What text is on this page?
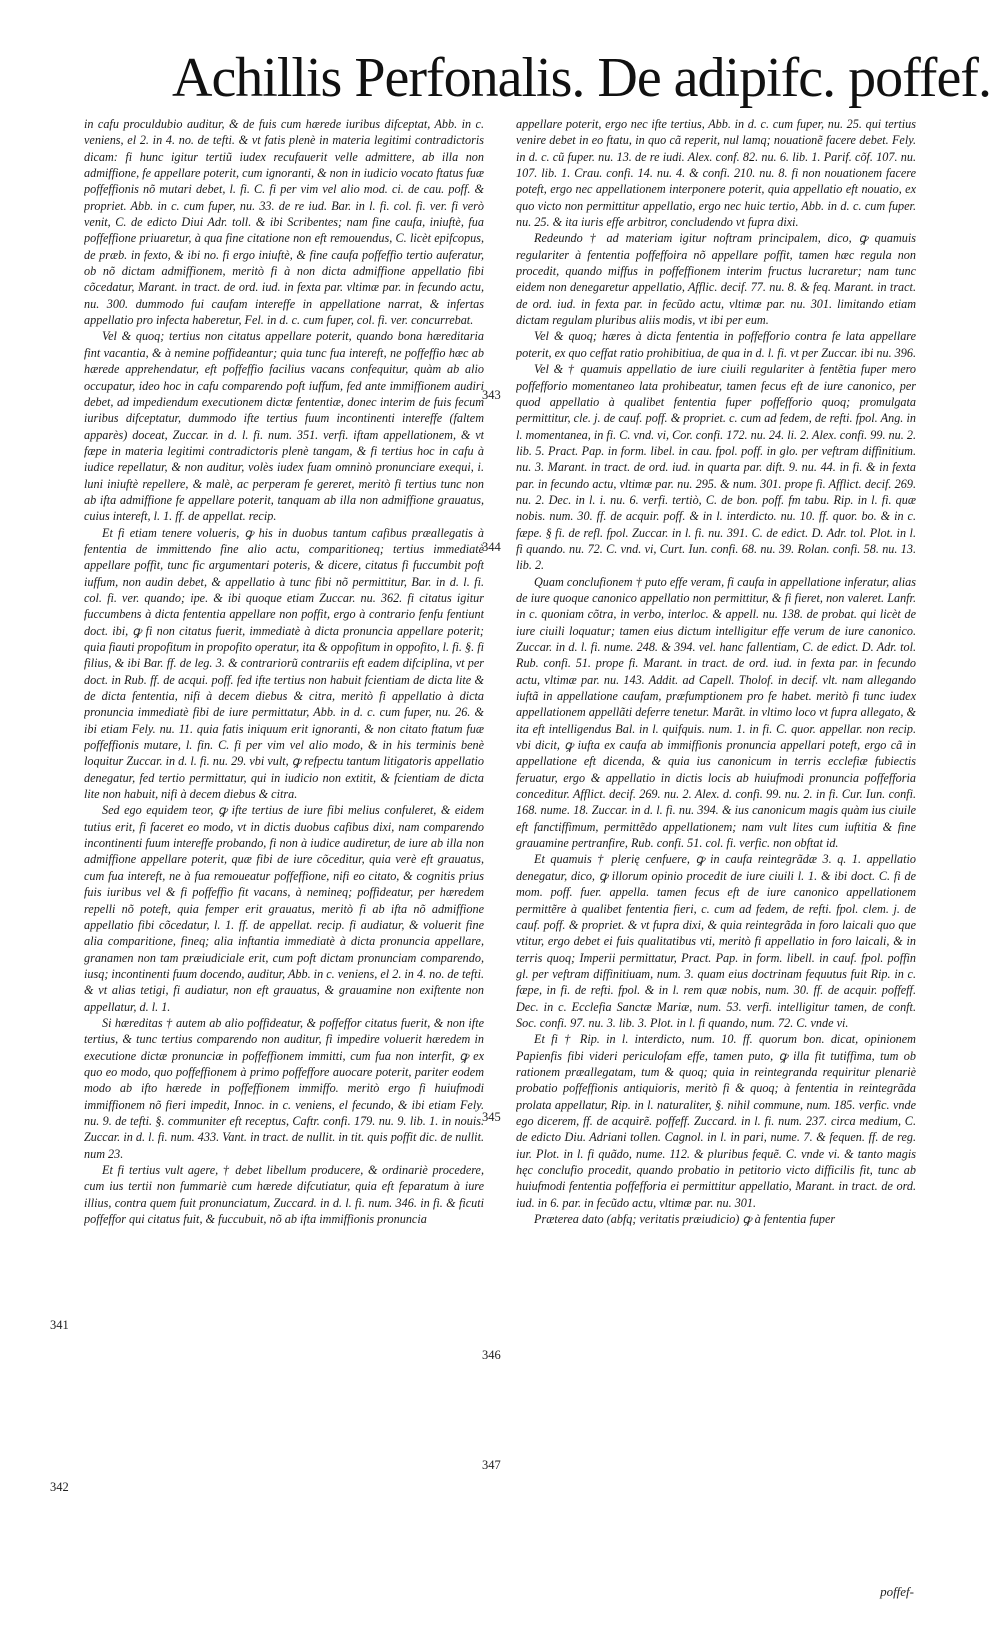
Achillis Perfonalis. De adipifc. poffef.

in cafu proculdubio auditur, & de fuis cum hærede iuribus difceptat, Abb. in c. veniens, el 2. in 4. no. de tefti. & vt fatis plenè in materia legitimi contradictoris dicam: fi hunc igitur tertiũ iudex recufauerit velle admittere, ab illa non admiffione, fe appellare poterit, cum ignoranti, & non in iudicio vocato ftatus fuæ poffeffionis nõ mutari debet, l. fi. C. fi per vim vel alio mod. ci. de cau. poff. & propriet. Abb. in c. cum fuper, nu. 33. de re iud. Bar. in l. fi. col. fi. ver. fi verò venit, C. de edicto Diui Adr. toll. & ibi Scribentes; nam fine caufa, iniuftè, fua poffeffione priuaretur, à qua fine citatione non eft remouendus, C. licèt epifcopus, de præb. in fexto, & ibi no. fi ergo iniuftè, & fine caufa poffeffio tertio auferatur, ob nõ dictam admiffionem, meritò fi à non dicta admiffione appellatio fibi cõcedatur, Marant. in tract. de ord. iud. in fexta par. vltimæ par. in fecundo actu, nu. 300. dummodo fui caufam intereffe in appellatione narrat, & infertas appellatio pro infecta haberetur, Fel. in d. c. cum fuper, col. fi. ver. concurrebat.

Vel & quoq; tertius non citatus appellare poterit, quando bona hæreditaria fint vacantia, & à nemine poffideantur; quia tunc fua intereft, ne poffeffio hæc ab hærede apprehendatur, eft poffeffio facilius vacans confequitur, quàm ab alio occupatur, ideo hoc in cafu comparendo poft iuffum, fed ante immiffionem audiri debet, ad impediendum executionem dictæ fententiæ, donec interim de fuis fecum iuribus difceptatur, dummodo ifte tertius fuum incontinenti intereffe (faltem apparès) doceat, Zuccar. in d. l. fi. num. 351. verfi. iftam appellationem, & vt fæpe in materia legitimi contradictoris plenè tangam, & fi tertius hoc in cafu à iudice repellatur, & non auditur, volès iudex fuam omninò pronunciare exequi, i. luni iniuftè repellere, & malè, ac perperam fe gereret, meritò fi tertius tunc non ab ifta admiffione fe appellare poterit, tanquam ab illa non admiffione grauatus, cuius intereft, l. 1. ff. de appellat. recip.

Et fi etiam tenere volueris, ꝙ his in duobus tantum cafibus præallegatis à fententia de immittendo fine alio actu, comparitioneq; tertius immediatè appellare poffit, tunc fic argumentari poteris, & dicere, citatus fi fuccumbit poft iuffum, non audin debet, & appellatio à tunc fibi nõ permittitur, Bar. in d. l. fi. col. fi. ver. quando; ipe. & ibi quoque etiam Zuccar. nu. 362. fi citatus igitur fuccumbens à dicta fententia appellare non poffit, ergo à contrario fenfu fentiunt doct. ibi, ꝙ fi non citatus fuerit, immediatè à dicta pronuncia appellare poterit; quia fiauti propofitum in propofito operatur, ita & oppofitum in oppofito, l. fi. §. fi filius, & ibi Bar. ff. de leg. 3. & contrariorũ contrariis eft eadem difciplina, vt per doct. in Rub. ff. de acqui. poff. fed ifte tertius non habuit fcientiam de dicta lite & de dicta fententia, nifi à decem diebus & citra, meritò fi appellatio à dicta pronuncia immediatè fibi de iure permittatur, Abb. in d. c. cum fuper, nu. 26. & ibi etiam Fely. nu. 11. quia fatis iniquum erit ignoranti, & non citato ftatum fuæ poffeffionis mutare, l. fin. C. fi per vim vel alio modo, & in his terminis benè loquitur Zuccar. in d. l. fi. nu. 29. vbi vult, ꝙ refpectu tantum litigatoris appellatio denegatur, fed tertio permittatur, qui in iudicio non extitit, & fcientiam de dicta lite non habuit, nifi à decem diebus & citra.

Sed ego equidem teor, ꝙ ifte tertius de iure fibi melius confuleret, & eidem tutius erit, fi faceret eo modo, vt in dictis duobus cafibus dixi, nam comparendo incontinenti fuum intereffe probando, fi non à iudice audiretur, de iure ab illa non admiffione appellare poterit, quæ fibi de iure cõceditur, quia verè eft grauatus, cum fua intereft, ne à fua remoueatur poffeffione, nifi eo citato, & cognitis prius fuis iuribus vel & fi poffeffio fit vacans, à nemineq; poffideatur, per hæredem repelli nõ poteft, quia femper erit grauatus, meritò fi ab ifta nõ admiffione appellatio fibi cõcedatur, l. 1. ff. de appellat. recip. fi audiatur, & voluerit fine alia comparitione, fineq; alia inftantia immediatè à dicta pronuncia appellare, granamen non tam præiudiciale erit, cum poft dictam pronunciam comparendo, iusq; incontinenti fuum docendo, auditur, Abb. in c. veniens, el 2. in 4. no. de tefti. & vt alias tetigi, fi audiatur, non eft grauatus, & grauamine non exiftente non appellatur, d. l. 1.

Si hæreditas † autem ab alio poffideatur, & poffeffor citatus fuerit, & non ifte tertius, & tunc tertius comparendo non auditur, fi impedire voluerit hæredem in executione dictæ pronunciæ in poffeffionem immitti, cum fua non interfit, ꝙ ex quo eo modo, quo poffeffionem à primo poffeffore auocare poterit, pariter eodem modo ab ifto hærede in poffeffionem immiffo. meritò ergo fi huiufmodi immiffionem nõ fieri impedit, Innoc. in c. veniens, el fecundo, & ibi etiam Fely. nu. 9. de tefti. §. communiter eft receptus, Caftr. confi. 179. nu. 9. lib. 1. in nouis. Zuccar. in d. l. fi. num. 433. Vant. in tract. de nullit. in tit. quis poffit dic. de nullit. num 23.

Et fi tertius vult agere, † debet libellum producere, & ordinariè procedere, cum ius tertii non fummariè cum hærede difcutiatur, quia eft feparatum à iure illius, contra quem fuit pronunciatum, Zuccard. in d. l. fi. num. 346. in fi. & ficuti poffeffor qui citatus fuit, & fuccubuit, nõ ab ifta immiffionis pronuncia

appellare poterit, ergo nec ifte tertius, Abb. in d. c. cum fuper, nu. 25. qui tertius venire debet in eo ftatu, in quo cã reperit, nul lamq; nouationẽ facere debet. Fely. in d. c. cũ fuper. nu. 13. de re iudi. Alex. conf. 82. nu. 6. lib. 1. Parif. cõf. 107. nu. 107. lib. 1. Crau. confi. 14. nu. 4. & confi. 210. nu. 8. fi non nouationem facere poteft, ergo nec appellationem interponere poterit, quia appellatio eft nouatio, ex quo victo non permittitur appellatio, ergo nec huic tertio, Abb. in d. c. cum fuper. nu. 25. & ita iuris effe arbitror, concludendo vt fupra dixi.

Redeundo † ad materiam igitur noftram principalem, dico, ꝙ quamuis regulariter à fententia poffeffoira nõ appellare poffit, tamen hæc regula non procedit, quando miffus in poffeffionem interim fructus lucraretur; nam tunc eidem non denegaretur appellatio, Afflic. decif. 77. nu. 8. & feq. Marant. in tract. de ord. iud. in fexta par. in fecũdo actu, vltimæ par. nu. 301. limitando etiam dictam regulam pluribus aliis modis, vt ibi per eum.

Vel & quoq; hæres à dicta fententia in poffefforio contra fe lata appellare poterit, ex quo ceffat ratio prohibitiua, de qua in d. l. fi. vt per Zuccar. ibi nu. 396.

Vel & † quamuis appellatio de iure ciuili regulariter à fentẽtia fuper mero poffefforio momentaneo lata prohibeatur, tamen fecus eft de iure canonico, per quod appellatio à qualibet fententia fuper poffefforio quoq; promulgata permittitur, cle. j. de cauf. poff. & propriet. c. cum ad fedem, de refti. fpol. Ang. in l. momentanea, in fi. C. vnd. vi, Cor. confi. 172. nu. 24. li. 2. Alex. confi. 99. nu. 2. lib. 5. Pract. Pap. in form. libel. in cau. fpol. poff. in glo. per veftram diffinitium. nu. 3. Marant. in tract. de ord. iud. in quarta par. dift. 9. nu. 44. in fi. & in fexta par. in fecundo actu, vltimæ par. nu. 295. & num. 301. prope fi. Afflict. decif. 269. nu. 2. Dec. in l. i. nu. 6. verfi. tertiò, C. de bon. poff. fm tabu. Rip. in l. fi. quæ nobis. num. 30. ff. de acquir. poff. & in l. interdicto. nu. 10. ff. quor. bo. & in c. fæpe. § fi. de refl. fpol. Zuccar. in l. fi. nu. 391. C. de edict. D. Adr. tol. Plot. in l. fi quando. nu. 72. C. vnd. vi, Curt. Iun. confi. 68. nu. 39. Rolan. confi. 58. nu. 13. lib. 2.

Quam conclufionem † puto effe veram, fi caufa in appellatione inferatur, alias de iure quoque canonico appellatio non permittitur, & fi fieret, non valeret. Lanfr. in c. quoniam cõtra, in verbo, interloc. & appell. nu. 138. de probat. qui licèt de iure ciuili loquatur; tamen eius dictum intelligitur effe verum de iure canonico. Zuccar. in d. l. fi. nume. 248. & 394. vel. hanc fallentiam, C. de edict. D. Adr. tol. Rub. confi. 51. prope fi. Marant. in tract. de ord. iud. in fexta par. in fecundo actu, vltimæ par. nu. 143. Addit. ad Capell. Tholof. in decif. vlt. nam allegando iuftã in appellatione caufam, præfumptionem pro fe habet. meritò fi tunc iudex appellationem appellãti deferre tenetur. Marãt. in vltimo loco vt fupra allegato, & ita eft intelligendus Bal. in l. quifquis. num. 1. in fi. C. quor. appellar. non recip. vbi dicit, ꝙ iufta ex caufa ab immiffionis pronuncia appellari poteft, ergo cã in appellatione eft dicenda, & quia ius canonicum in terris ecclefiæ fubiectis feruatur, ergo & appellatio in dictis locis ab huiufmodi pronuncia poffefforia conceditur. Afflict. decif. 269. nu. 2. Alex. d. confi. 99. nu. 2. in fi. Cur. Iun. confi. 168. nume. 18. Zuccar. in d. l. fi. nu. 394. & ius canonicum magis quàm ius ciuile eft fanctiffimum, permittẽdo appellationem; nam vult lites cum iuftitia & fine grauamine pertranfire, Rub. confi. 51. col. fi. verfic. non obftat id.

Et quamuis † plerię cenfuere, ꝙ in caufa reintegrãdæ 3. q. 1. appellatio denegatur, dico, ꝙ illorum opinio procedit de iure ciuili l. 1. & ibi doct. C. fi de mom. poff. fuer. appella. tamen fecus eft de iure canonico appellationem permittẽre à qualibet fententia fieri, c. cum ad fedem, de refti. fpol. clem. j. de cauf. poff. & propriet. & vt fupra dixi, & quia reintegrãda in foro laicali quo que vtitur, ergo debet ei fuis qualitatibus vti, meritò fi appellatio in foro laicali, & in terris quoq; Imperii permittatur, Pract. Pap. in form. libell. in cauf. fpol. poffin gl. per veftram diffinitiuam, num. 3. quam eius doctrinam fequutus fuit Rip. in c. fæpe, in fi. de refti. fpol. & in l. rem quæ nobis, num. 30. ff. de acquir. poffeff. Dec. in c. Ecclefia Sanctæ Mariæ, num. 53. verfi. intelligitur tamen, de conft. Soc. confi. 97. nu. 3. lib. 3. Plot. in l. fi quando, num. 72. C. vnde vi.

Et fi † Rip. in l. interdicto, num. 10. ff. quorum bon. dicat, opinionem Papienfis fibi videri periculofam effe, tamen puto, ꝙ illa fit tutiffima, tum ob rationem præallegatam, tum & quoq; quia in reintegranda requiritur plenariè probatio poffeffionis antiquioris, meritò fi & quoq; à fententia in reintegrãda prolata appellatur, Rip. in l. naturaliter, §. nihil commune, num. 185. verfic. vnde ego dicerem, ff. de acquirẽ. poffeff. Zuccard. in l. fi. num. 237. circa medium, C. de edicto Diu. Adriani tollen. Cagnol. in l. in pari, nume. 7. & fequen. ff. de reg. iur. Plot. in l. fi quãdo, nume. 112. & pluribus fequẽ. C. vnde vi. & tanto magis hęc conclufio procedit, quando probatio in petitorio victo difficilis fit, tunc ab huiufmodi fententia poffefforia ei permittitur appellatio, Marant. in tract. de ord. iud. in 6. par. in fecũdo actu, vltimæ par. nu. 301.

Præterea dato (abfq; veritatis præiudicio) ꝙ à fententia fuper

343
344
345
346
347
341
342
poffef-
